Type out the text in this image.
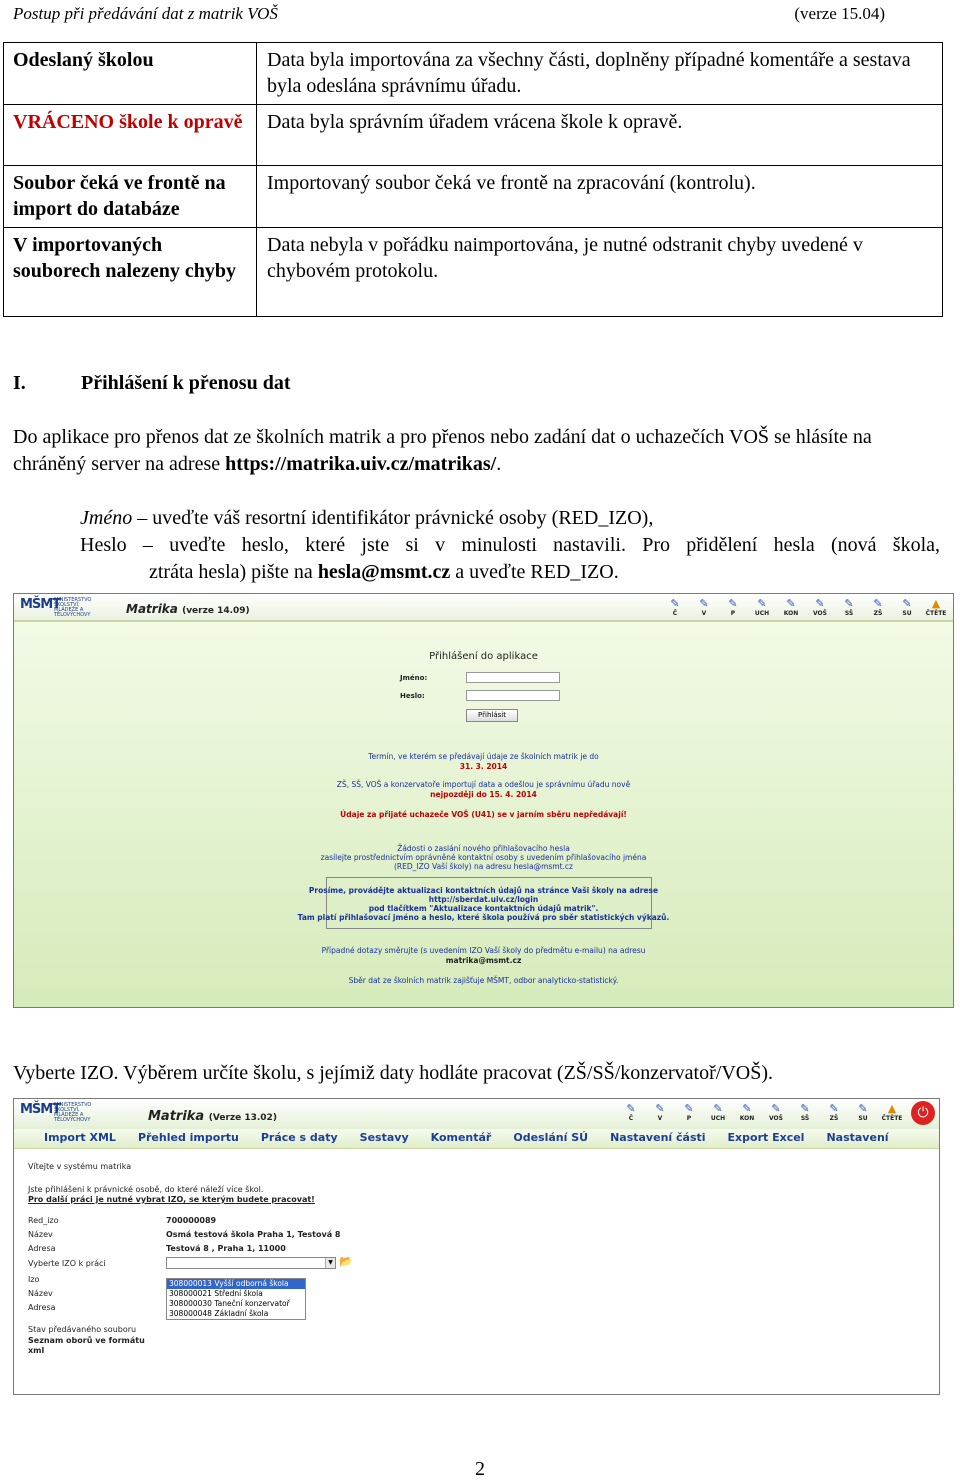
Postup při předávání dat z matrik VOŠ	(verze 15.04)
Odeslaný školou	Data byla importována za všechny části, doplněny případné komentáře a sestava byla odeslána správnímu úřadu.
VRÁCENO škole k opravě	Data byla správním úřadem vrácena škole k opravě.
Soubor čeká ve frontě na import do databáze	Importovaný soubor čeká ve frontě na zpracování (kontrolu).
V importovaných souborech nalezeny chyby	Data nebyla v pořádku naimportována, je nutné odstranit chyby uvedené v chybovém protokolu.
I.	Přihlášení k přenosu dat
Do aplikace pro přenos dat ze školních matrik a pro přenos nebo zadání dat o uchazečích VOŠ se hlásíte na chráněný server na adrese https://matrika.uiv.cz/matrikas/.
Jméno – uveďte váš resortní identifikátor právnické osoby (RED_IZO),
Heslo – uveďte heslo, které jste si v minulosti nastavili. Pro přidělení hesla (nová škola,
ztráta hesla) pište na hesla@msmt.cz a uveďte RED_IZO.
MŠMT
MINISTERSTVO ŠKOLSTVÍ, MLÁDEŽE A TĚLOVÝCHOVY	Matrika (verze 14.09)
✎
Č
✎
V
✎
P
✎
UCH
✎
KON
✎
VOŠ
✎
SŠ
✎
ZŠ
✎
SU
▲
ČTĚTE
Přihlášení do aplikace
Jméno:
Heslo:
Přihlásit
Termín, ve kterém se předávají údaje ze školních matrik je do
31. 3. 2014
ZŠ, SŠ, VOŠ a konzervatoře importují data a odešlou je správnímu úřadu nově
nejpozději do 15. 4. 2014
Údaje za přijaté uchazeče VOŠ (U41) se v jarním sběru nepředávají!
Žádosti o zaslání nového přihlašovacího hesla
zasílejte prostřednictvím oprávněné kontaktní osoby s uvedením přihlašovacího jména
(RED_IZO Vaší školy) na adresu hesla@msmt.cz
Prosíme, provádějte aktualizaci kontaktních údajů na stránce Vaši školy na adrese
http://sberdat.uiv.cz/login
pod tlačítkem "Aktualizace kontaktních údajů matrik".
Tam platí přihlašovací jméno a heslo, které škola používá pro sběr statistických výkazů.
Případné dotazy směrujte (s uvedením IZO Vaší školy do předmětu e-mailu) na adresu
matrika@msmt.cz
Sběr dat ze školních matrik zajišťuje MŠMT, odbor analyticko-statistický.
Vyberte IZO. Výběrem určíte školu, s jejímiž daty hodláte pracovat (ZŠ/SŠ/konzervatoř/VOŠ).
MŠMT
MINISTERSTVO ŠKOLSTVÍ, MLÁDEŽE A TĚLOVÝCHOVY	Matrika (Verze 13.02)
✎
Č
✎
V
✎
P
✎
UCH
✎
KON
✎
VOŠ
✎
SŠ
✎
ZŠ
✎
SU
▲
ČTĚTE	⏻
Import XML	Přehled importu	Práce s daty	Sestavy	Komentář	Odeslání SÚ	Nastavení části	Export Excel	Nastavení
Vítejte v systému matrika
Jste přihlášeni k právnické osobě, do které náleží více škol.
Pro další práci je nutné vybrat IZO, se kterým budete pracovat!
Red_izo	700000089
Název	Osmá testová škola Praha 1, Testová 8
Adresa	Testová 8 , Praha 1, 11000
Vyberte IZO k práci	▼ 📂
Izo
Název
Adresa
308000013 Vyšší odborná škola
308000021 Střední škola
308000030 Taneční konzervatoř
308000048 Základní škola
Stav předávaného souboru
Seznam oborů ve formátu xml
2
